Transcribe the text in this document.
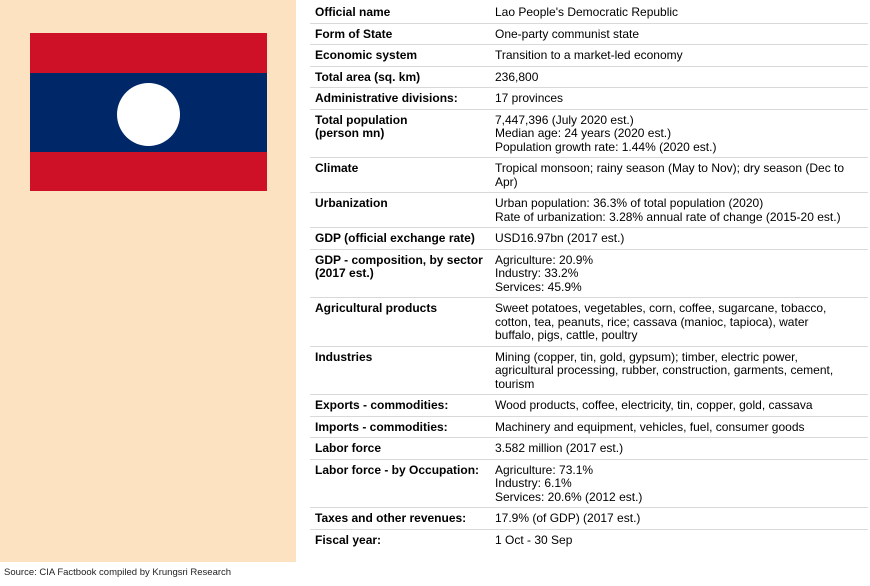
Official name	Lao People's Democratic Republic
Form of State	One-party communist state
Economic system	Transition to a market-led economy
Total area (sq. km)	236,800
Administrative divisions:	17 provinces
Total population
(person mn)	7,447,396 (July 2020 est.)
Median age: 24 years (2020 est.)
Population growth rate: 1.44% (2020 est.)
Climate	Tropical monsoon; rainy season (May to Nov); dry season (Dec to
Apr)
Urbanization	Urban population: 36.3% of total population (2020)
Rate of urbanization: 3.28% annual rate of change (2015-20 est.)
GDP (official exchange rate)	USD16.97bn (2017 est.)
GDP - composition, by sector
(2017 est.)	Agriculture: 20.9%
Industry: 33.2%
Services: 45.9%
Agricultural products	Sweet potatoes, vegetables, corn, coffee, sugarcane, tobacco,
cotton, tea, peanuts, rice; cassava (manioc, tapioca), water
buffalo, pigs, cattle, poultry
Industries	Mining (copper, tin, gold, gypsum); timber, electric power,
agricultural processing, rubber, construction, garments, cement,
tourism
Exports - commodities:	Wood products, coffee, electricity, tin, copper, gold, cassava
Imports - commodities:	Machinery and equipment, vehicles, fuel, consumer goods
Labor force	3.582 million (2017 est.)
Labor force - by Occupation:	Agriculture: 73.1%
Industry: 6.1%
Services: 20.6% (2012 est.)
Taxes and other revenues:	17.9% (of GDP) (2017 est.)
Fiscal year:	1 Oct - 30 Sep
Source: CIA Factbook compiled by Krungsri Research
